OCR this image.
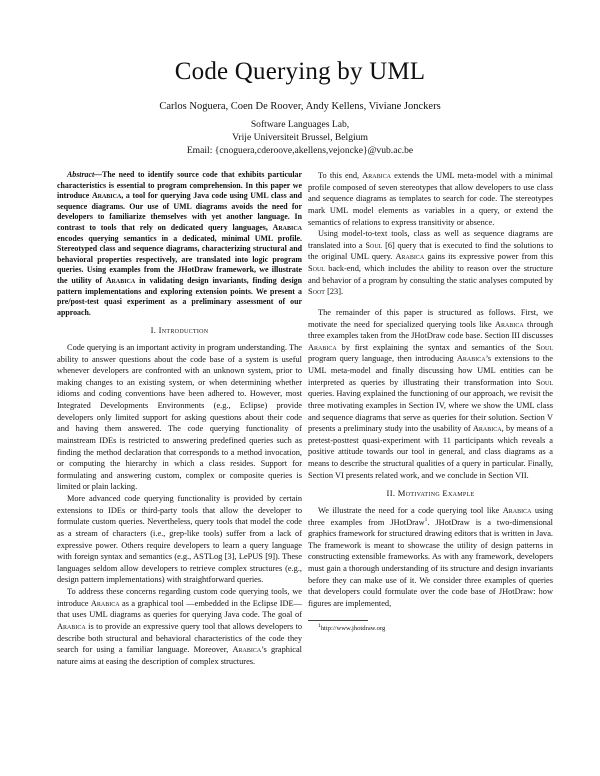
Code Querying by UML
Carlos Noguera, Coen De Roover, Andy Kellens, Viviane Jonckers
Software Languages Lab,
Vrije Universiteit Brussel, Belgium
Email: {cnoguera,cderoove,akellens,vejoncke}@vub.ac.be

Abstract—The need to identify source code that exhibits particular characteristics is essential to program comprehension. In this paper we introduce Arabica, a tool for querying Java code using UML class and sequence diagrams. Our use of UML diagrams avoids the need for developers to familiarize themselves with yet another language. In contrast to tools that rely on dedicated query languages, Arabica encodes querying semantics in a dedicated, minimal UML profile. Stereotyped class and sequence diagrams, characterizing structural and behavioral properties respectively, are translated into logic program queries. Using examples from the JHotDraw framework, we illustrate the utility of Arabica in validating design invariants, finding design pattern implementations and exploring extension points. We present a pre/post-test quasi experiment as a preliminary assessment of our approach.

I. Introduction

Code querying is an important activity in program understanding. The ability to answer questions about the code base of a system is useful whenever developers are confronted with an unknown system, prior to making changes to an existing system, or when determining whether idioms and coding conventions have been adhered to. However, most Integrated Developments Environments (e.g., Eclipse) provide developers only limited support for asking questions about their code and having them answered. The code querying functionality of mainstream IDEs is restricted to answering predefined queries such as finding the method declaration that corresponds to a method invocation, or computing the hierarchy in which a class resides. Support for formulating and answering custom, complex or composite queries is limited or plain lacking.

More advanced code querying functionality is provided by certain extensions to IDEs or third-party tools that allow the developer to formulate custom queries. Nevertheless, query tools that model the code as a stream of characters (i.e., grep-like tools) suffer from a lack of expressive power. Others require developers to learn a query language with foreign syntax and semantics (e.g., ASTLog [3], LePUS [9]). These languages seldom allow developers to retrieve complex structures (e.g., design pattern implementations) with straightforward queries.

To address these concerns regarding custom code querying tools, we introduce Arabica as a graphical tool —embedded in the Eclipse IDE— that uses UML diagrams as queries for querying Java code. The goal of Arabica is to provide an expressive query tool that allows developers to describe both structural and behavioral characteristics of the code they search for using a familiar language. Moreover, Arabica’s graphical nature aims at easing the description of complex structures.

To this end, Arabica extends the UML meta-model with a minimal profile composed of seven stereotypes that allow developers to use class and sequence diagrams as templates to search for code. The stereotypes mark UML model elements as variables in a query, or extend the semantics of relations to express transitivity or absence.

Using model-to-text tools, class as well as sequence diagrams are translated into a Soul [6] query that is executed to find the solutions to the original UML query. Arabica gains its expressive power from this Soul back-end, which includes the ability to reason over the structure and behavior of a program by consulting the static analyses computed by Soot [23].

The remainder of this paper is structured as follows. First, we motivate the need for specialized querying tools like Arabica through three examples taken from the JHotDraw code base. Section III discusses Arabica by first explaining the syntax and semantics of the Soul program query language, then introducing Arabica’s extensions to the UML meta-model and finally discussing how UML entities can be interpreted as queries by illustrating their transformation into Soul queries. Having explained the functioning of our approach, we revisit the three motivating examples in Section IV, where we show the UML class and sequence diagrams that serve as queries for their solution. Section V presents a preliminary study into the usability of Arabica, by means of a pretest-posttest quasi-experiment with 11 participants which reveals a positive attitude towards our tool in general, and class diagrams as a means to describe the structural qualities of a query in particular. Finally, Section VI presents related work, and we conclude in Section VII.

II. Motivating Example

We illustrate the need for a code querying tool like Arabica using three examples from JHotDraw$^1$. JHotDraw is a two-dimensional graphics framework for structured drawing editors that is written in Java. The framework is meant to showcase the utility of design patterns in constructing extensible frameworks. As with any framework, developers must gain a thorough understanding of its structure and design invariants before they can make use of it. We consider three examples of queries that developers could formulate over the code base of JHotDraw: how figures are implemented,

$^1$http://www.jhotdraw.org
